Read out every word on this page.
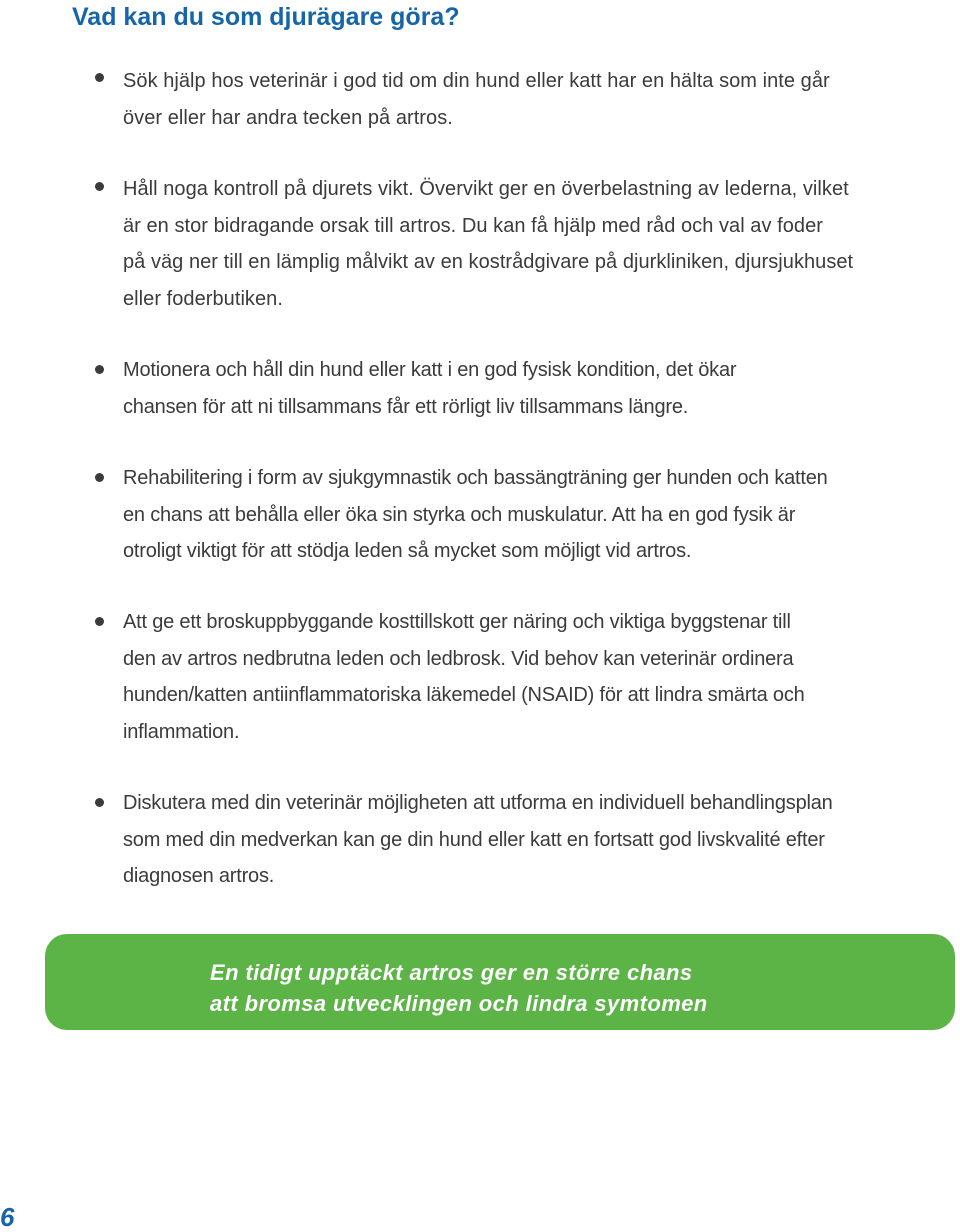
Vad kan du som djurägare göra?
Sök hjälp hos veterinär i god tid om din hund eller katt har en hälta som inte går
över eller har andra tecken på artros.
Håll noga kontroll på djurets vikt. Övervikt ger en överbelastning av lederna, vilket
är en stor bidragande orsak till artros. Du kan få hjälp med råd och val av foder
på väg ner till en lämplig målvikt av en kostrådgivare på djurkliniken, djursjukhuset
eller foderbutiken.
Motionera och håll din hund eller katt i en god fysisk kondition, det ökar
chansen för att ni tillsammans får ett rörligt liv tillsammans längre.
Rehabilitering i form av sjukgymnastik och bassängträning ger hunden och katten
en chans att behålla eller öka sin styrka och muskulatur. Att ha en god fysik är
otroligt viktigt för att stödja leden så mycket som möjligt vid artros.
Att ge ett broskuppbyggande kosttillskott ger näring och viktiga byggstenar till
den av artros nedbrutna leden och ledbrosk. Vid behov kan veterinär ordinera
hunden/katten antiinflammatoriska läkemedel (NSAID) för att lindra smärta och
inflammation.
Diskutera med din veterinär möjligheten att utforma en individuell behandlingsplan
som med din medverkan kan ge din hund eller katt en fortsatt god livskvalité efter
diagnosen artros.

En tidigt upptäckt artros ger en större chans
att bromsa utvecklingen och lindra symtomen

6
